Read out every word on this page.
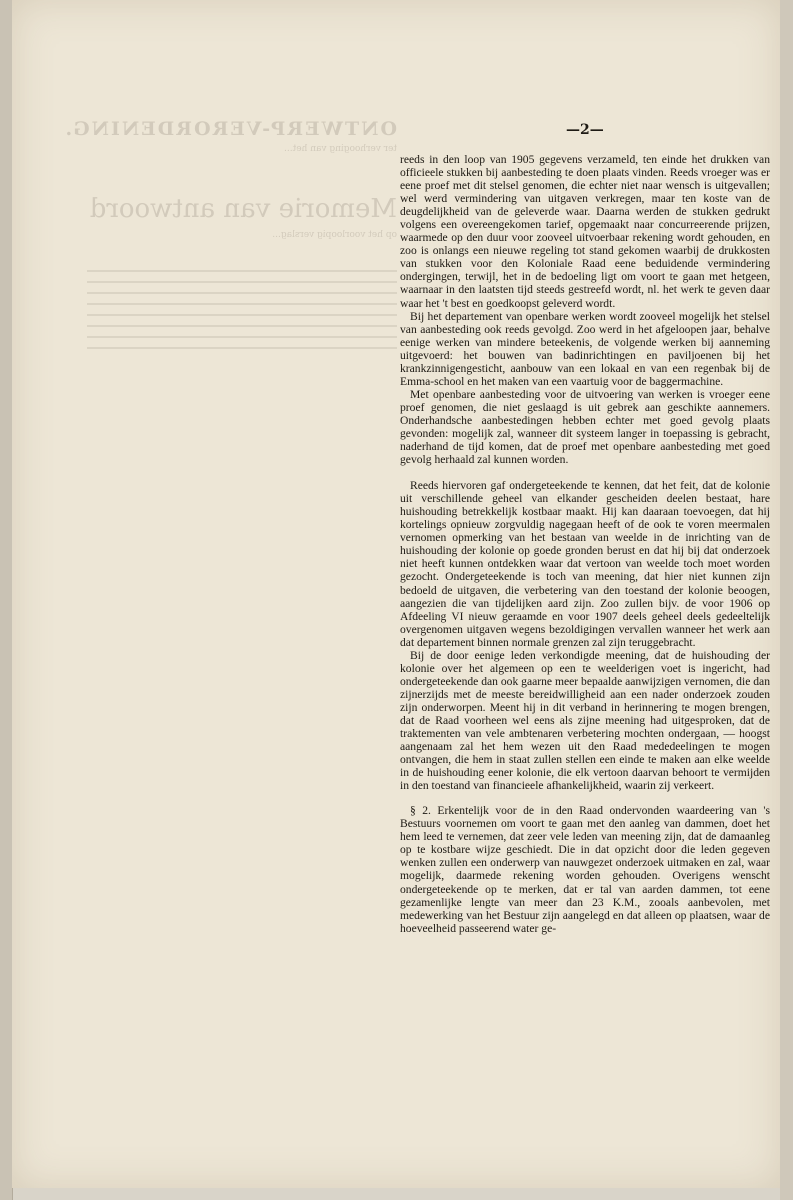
ONTWERP-VERORDENING.
ter verhooging van het...
Memorie van antwoord
op het voorloopig verslag...
—2—

reeds in den loop van 1905 gegevens verzameld, ten einde het drukken van officieele stukken bij aanbesteding te doen plaats vinden. Reeds vroeger was er eene proef met dit stelsel genomen, die echter niet naar wensch is uitgevallen; wel werd vermindering van uitgaven verkregen, maar ten koste van de deugdelijkheid van de geleverde waar. Daarna werden de stukken gedrukt volgens een overeengekomen tarief, opgemaakt naar concurreerende prijzen, waarmede op den duur voor zooveel uitvoerbaar rekening wordt gehouden, en zoo is onlangs een nieuwe regeling tot stand gekomen waarbij de drukkosten van stukken voor den Koloniale Raad eene beduidende vermindering ondergingen, terwijl, het in de bedoeling ligt om voort te gaan met hetgeen, waarnaar in den laatsten tijd steeds gestreefd wordt, nl. het werk te geven daar waar het 't best en goedkoopst geleverd wordt.

Bij het departement van openbare werken wordt zooveel mogelijk het stelsel van aanbesteding ook reeds gevolgd. Zoo werd in het afgeloopen jaar, behalve eenige werken van mindere beteekenis, de volgende werken bij aanneming uitgevoerd: het bouwen van badinrichtingen en paviljoenen bij het krankzinnigengesticht, aanbouw van een lokaal en van een regenbak bij de Emma-school en het maken van een vaartuig voor de baggermachine.

Met openbare aanbesteding voor de uitvoering van werken is vroeger eene proef genomen, die niet geslaagd is uit gebrek aan geschikte aannemers. Onderhandsche aanbestedingen hebben echter met goed gevolg plaats gevonden: mogelijk zal, wanneer dit systeem langer in toepassing is gebracht, naderhand de tijd komen, dat de proef met openbare aanbesteding met goed gevolg herhaald zal kunnen worden.

Reeds hiervoren gaf ondergeteekende te kennen, dat het feit, dat de kolonie uit verschillende geheel van elkander gescheiden deelen bestaat, hare huishouding betrekkelijk kostbaar maakt. Hij kan daaraan toevoegen, dat hij kortelings opnieuw zorgvuldig nagegaan heeft of de ook te voren meermalen vernomen opmerking van het bestaan van weelde in de inrichting van de huishouding der kolonie op goede gronden berust en dat hij bij dat onderzoek niet heeft kunnen ontdekken waar dat vertoon van weelde toch moet worden gezocht. Ondergeteekende is toch van meening, dat hier niet kunnen zijn bedoeld de uitgaven, die verbetering van den toestand der kolonie beoogen, aangezien die van tijdelijken aard zijn. Zoo zullen bijv. de voor 1906 op Afdeeling VI nieuw geraamde en voor 1907 deels geheel deels gedeeltelijk overgenomen uitgaven wegens bezoldigingen vervallen wanneer het werk aan dat departement binnen normale grenzen zal zijn teruggebracht.

Bij de door eenige leden verkondigde meening, dat de huishouding der kolonie over het algemeen op een te weelderigen voet is ingericht, had ondergeteekende dan ook gaarne meer bepaalde aanwijzigen vernomen, die dan zijnerzijds met de meeste bereidwilligheid aan een nader onderzoek zouden zijn onderworpen. Meent hij in dit verband in herinnering te mogen brengen, dat de Raad voorheen wel eens als zijne meening had uitgesproken, dat de traktementen van vele ambtenaren verbetering mochten ondergaan, — hoogst aangenaam zal het hem wezen uit den Raad mededeelingen te mogen ontvangen, die hem in staat zullen stellen een einde te maken aan elke weelde in de huishouding eener kolonie, die elk vertoon daarvan behoort te vermijden in den toestand van financieele afhankelijkheid, waarin zij verkeert.

§ 2. Erkentelijk voor de in den Raad ondervonden waardeering van 's Bestuurs voornemen om voort te gaan met den aanleg van dammen, doet het hem leed te vernemen, dat zeer vele leden van meening zijn, dat de damaanleg op te kostbare wijze geschiedt. Die in dat opzicht door die leden gegeven wenken zullen een onderwerp van nauwgezet onderzoek uitmaken en zal, waar mogelijk, daarmede rekening worden gehouden. Overigens wenscht ondergeteekende op te merken, dat er tal van aarden dammen, tot eene gezamenlijke lengte van meer dan 23 K.M., zooals aanbevolen, met medewerking van het Bestuur zijn aangelegd en dat alleen op plaatsen, waar de hoeveelheid passeerend water ge-
